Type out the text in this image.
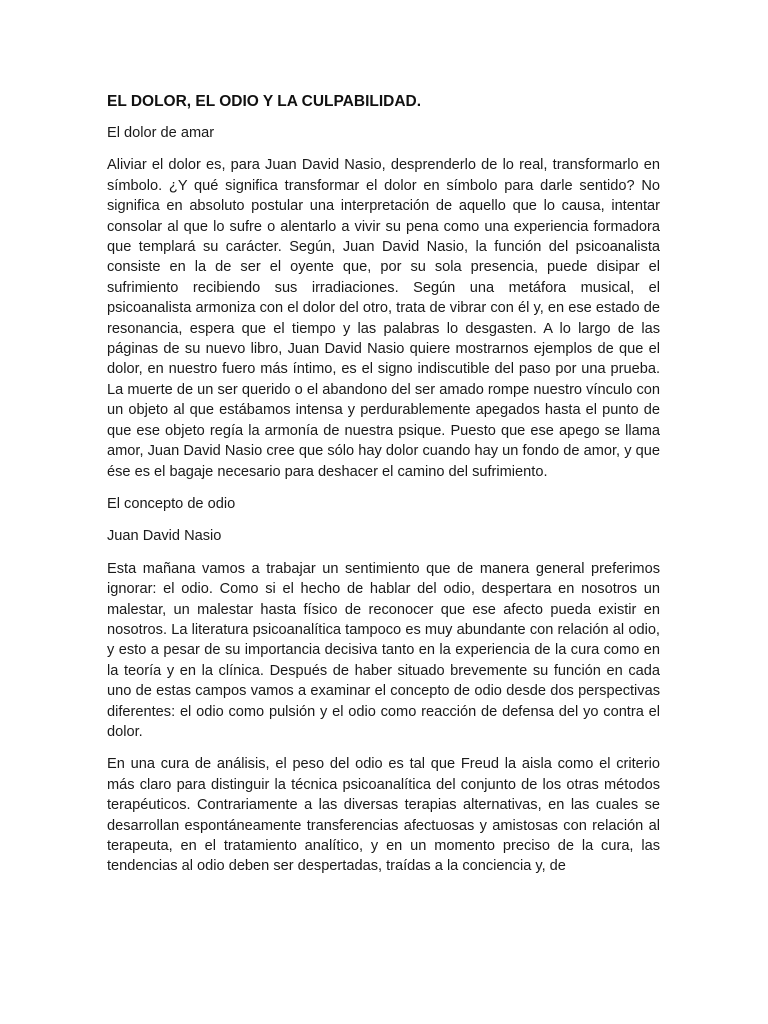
EL DOLOR, EL ODIO Y LA CULPABILIDAD.

El dolor de amar

Aliviar el dolor es, para Juan David Nasio, desprenderlo de lo real, transformarlo en símbolo. ¿Y qué significa transformar el dolor en símbolo para darle sentido? No significa en absoluto postular una interpretación de aquello que lo causa, intentar consolar al que lo sufre o alentarlo a vivir su pena como una experiencia formadora que templará su carácter. Según, Juan David Nasio, la función del psicoanalista consiste en la de ser el oyente que, por su sola presencia, puede disipar el sufrimiento recibiendo sus irradiaciones. Según una metáfora musical, el psicoanalista armoniza con el dolor del otro, trata de vibrar con él y, en ese estado de resonancia, espera que el tiempo y las palabras lo desgasten. A lo largo de las páginas de su nuevo libro, Juan David Nasio quiere mostrarnos ejemplos de que el dolor, en nuestro fuero más íntimo, es el signo indiscutible del paso por una prueba. La muerte de un ser querido o el abandono del ser amado rompe nuestro vínculo con un objeto al que estábamos intensa y perdurablemente apegados hasta el punto de que ese objeto regía la armonía de nuestra psique. Puesto que ese apego se llama amor, Juan David Nasio cree que sólo hay dolor cuando hay un fondo de amor, y que ése es el bagaje necesario para deshacer el camino del sufrimiento.

El concepto de odio

Juan David Nasio

Esta mañana vamos a trabajar un sentimiento que de manera general preferimos ignorar: el odio. Como si el hecho de hablar del odio, despertara en nosotros un malestar, un malestar hasta físico de reconocer que ese afecto pueda existir en nosotros. La literatura psicoanalítica tampoco es muy abundante con relación al odio, y esto a pesar de su importancia decisiva tanto en la experiencia de la cura como en la teoría y en la clínica. Después de haber situado brevemente su función en cada uno de estas campos vamos a examinar el concepto de odio desde dos perspectivas diferentes: el odio como pulsión y el odio como reacción de defensa del yo contra el dolor.

En una cura de análisis, el peso del odio es tal que Freud la aisla como el criterio más claro para distinguir la técnica psicoanalítica del conjunto de los otras métodos terapéuticos. Contrariamente a las diversas terapias alternativas, en las cuales se desarrollan espontáneamente transferencias afectuosas y amistosas con relación al terapeuta, en el tratamiento analítico, y en un momento preciso de la cura, las tendencias al odio deben ser despertadas, traídas a la conciencia y, de
